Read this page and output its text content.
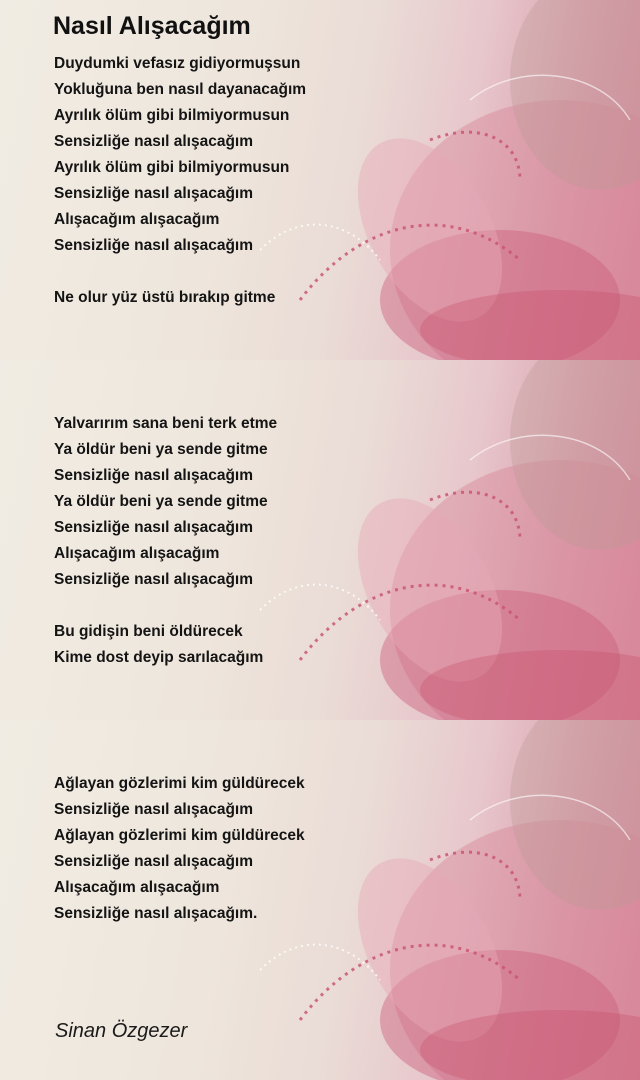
Nasıl Alışacağım
Duydumki vefasız gidiyormuşsun
Yokluğuna ben nasıl dayanacağım
Ayrılık ölüm gibi bilmiyormusun
Sensizliğe nasıl alışacağım
Ayrılık ölüm gibi bilmiyormusun
Sensizliğe nasıl alışacağım
Alışacağım alışacağım
Sensizliğe nasıl alışacağım
Ne olur yüz üstü bırakıp gitme
Yalvarırım sana beni terk etme
Ya öldür beni ya sende gitme
Sensizliğe nasıl alışacağım
Ya öldür beni ya sende gitme
Sensizliğe nasıl alışacağım
Alışacağım alışacağım
Sensizliğe nasıl alışacağım
Bu gidişin beni öldürecek
Kime dost deyip sarılacağım
Ağlayan gözlerimi kim güldürecek
Sensizliğe nasıl alışacağım
Ağlayan gözlerimi kim güldürecek
Sensizliğe nasıl alışacağım
Alışacağım alışacağım
Sensizliğe nasıl alışacağım.
Sinan Özgezer
